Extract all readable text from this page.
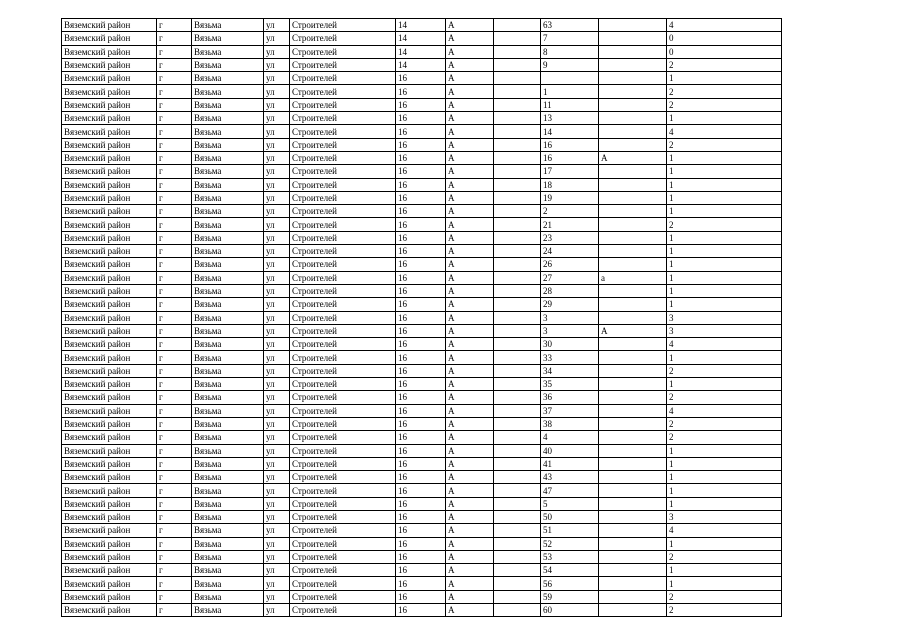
Вяземский район	г	Вязьма	ул	Строителей	14	А		63		4
Вяземский район	г	Вязьма	ул	Строителей	14	А		7		0
Вяземский район	г	Вязьма	ул	Строителей	14	А		8		0
Вяземский район	г	Вязьма	ул	Строителей	14	А		9		2
Вяземский район	г	Вязьма	ул	Строителей	16	А				1
Вяземский район	г	Вязьма	ул	Строителей	16	А		1		2
Вяземский район	г	Вязьма	ул	Строителей	16	А		11		2
Вяземский район	г	Вязьма	ул	Строителей	16	А		13		1
Вяземский район	г	Вязьма	ул	Строителей	16	А		14		4
Вяземский район	г	Вязьма	ул	Строителей	16	А		16		2
Вяземский район	г	Вязьма	ул	Строителей	16	А		16	А	1
Вяземский район	г	Вязьма	ул	Строителей	16	А		17		1
Вяземский район	г	Вязьма	ул	Строителей	16	А		18		1
Вяземский район	г	Вязьма	ул	Строителей	16	А		19		1
Вяземский район	г	Вязьма	ул	Строителей	16	А		2		1
Вяземский район	г	Вязьма	ул	Строителей	16	А		21		2
Вяземский район	г	Вязьма	ул	Строителей	16	А		23		1
Вяземский район	г	Вязьма	ул	Строителей	16	А		24		1
Вяземский район	г	Вязьма	ул	Строителей	16	А		26		1
Вяземский район	г	Вязьма	ул	Строителей	16	А		27	а	1
Вяземский район	г	Вязьма	ул	Строителей	16	А		28		1
Вяземский район	г	Вязьма	ул	Строителей	16	А		29		1
Вяземский район	г	Вязьма	ул	Строителей	16	А		3		3
Вяземский район	г	Вязьма	ул	Строителей	16	А		3	А	3
Вяземский район	г	Вязьма	ул	Строителей	16	А		30		4
Вяземский район	г	Вязьма	ул	Строителей	16	А		33		1
Вяземский район	г	Вязьма	ул	Строителей	16	А		34		2
Вяземский район	г	Вязьма	ул	Строителей	16	А		35		1
Вяземский район	г	Вязьма	ул	Строителей	16	А		36		2
Вяземский район	г	Вязьма	ул	Строителей	16	А		37		4
Вяземский район	г	Вязьма	ул	Строителей	16	А		38		2
Вяземский район	г	Вязьма	ул	Строителей	16	А		4		2
Вяземский район	г	Вязьма	ул	Строителей	16	А		40		1
Вяземский район	г	Вязьма	ул	Строителей	16	А		41		1
Вяземский район	г	Вязьма	ул	Строителей	16	А		43		1
Вяземский район	г	Вязьма	ул	Строителей	16	А		47		1
Вяземский район	г	Вязьма	ул	Строителей	16	А		5		1
Вяземский район	г	Вязьма	ул	Строителей	16	А		50		3
Вяземский район	г	Вязьма	ул	Строителей	16	А		51		4
Вяземский район	г	Вязьма	ул	Строителей	16	А		52		1
Вяземский район	г	Вязьма	ул	Строителей	16	А		53		2
Вяземский район	г	Вязьма	ул	Строителей	16	А		54		1
Вяземский район	г	Вязьма	ул	Строителей	16	А		56		1
Вяземский район	г	Вязьма	ул	Строителей	16	А		59		2
Вяземский район	г	Вязьма	ул	Строителей	16	А		60		2
